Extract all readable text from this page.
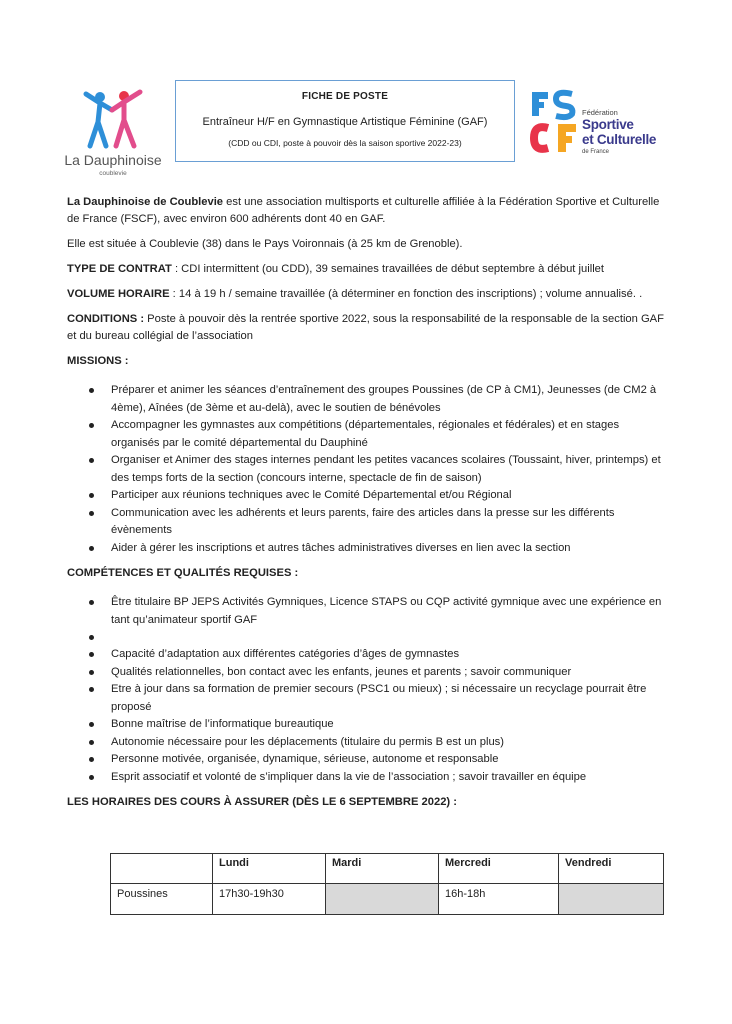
La Dauphinoise
coublevie
FICHE DE POSTE
Entraîneur H/F en Gymnastique Artistique Féminine (GAF)
(CDD ou CDI, poste à pouvoir dès la saison sportive 2022-23)
Fédération
Sportive
et Culturelle
de France

La Dauphinoise de Coublevie est une association multisports et culturelle affiliée à la Fédération Sportive et Culturelle de France (FSCF), avec environ 600 adhérents dont 40 en GAF.

Elle est située à Coublevie (38) dans le Pays Voironnais (à 25 km de Grenoble).

TYPE DE CONTRAT : CDI intermittent (ou CDD), 39 semaines travaillées de début septembre à début juillet

VOLUME HORAIRE : 14 à 19 h / semaine travaillée (à déterminer en fonction des inscriptions) ; volume annualisé. .

CONDITIONS : Poste à pouvoir dès la rentrée sportive 2022, sous la responsabilité de la responsable de la section GAF et du bureau collégial de l’association

MISSIONS :
Préparer et animer les séances d’entraînement des groupes Poussines (de CP à CM1), Jeunesses (de CM2 à 4ème), Aînées (de 3ème et au-delà), avec le soutien de bénévoles
Accompagner les gymnastes aux compétitions (départementales, régionales et fédérales) et en stages organisés par le comité départemental du Dauphiné
Organiser et Animer des stages internes pendant les petites vacances scolaires (Toussaint, hiver, printemps) et des temps forts de la section (concours interne, spectacle de fin de saison)
Participer aux réunions techniques avec le Comité Départemental et/ou Régional
Communication avec les adhérents et leurs parents, faire des articles dans la presse sur les différents évènements
Aider à gérer les inscriptions et autres tâches administratives diverses en lien avec la section
COMPÉTENCES ET QUALITÉS REQUISES :
Être titulaire BP JEPS Activités Gymniques, Licence STAPS ou CQP activité gymnique avec une expérience en tant qu’animateur sportif GAF
Capacité d’adaptation aux différentes catégories d’âges de gymnastes
Qualités relationnelles, bon contact avec les enfants, jeunes et parents ; savoir communiquer
Etre à jour dans sa formation de premier secours (PSC1 ou mieux) ; si nécessaire un recyclage pourrait être proposé
Bonne maîtrise de l’informatique bureautique
Autonomie nécessaire pour les déplacements (titulaire du permis B est un plus)
Personne motivée, organisée, dynamique, sérieuse, autonome et responsable
Esprit associatif et volonté de s’impliquer dans la vie de l’association ; savoir travailler en équipe
LES HORAIRES DES COURS À ASSURER (DÈS LE 6 SEPTEMBRE 2022) :
	Lundi	Mardi	Mercredi	Vendredi
Poussines	17h30-19h30		16h-18h	
